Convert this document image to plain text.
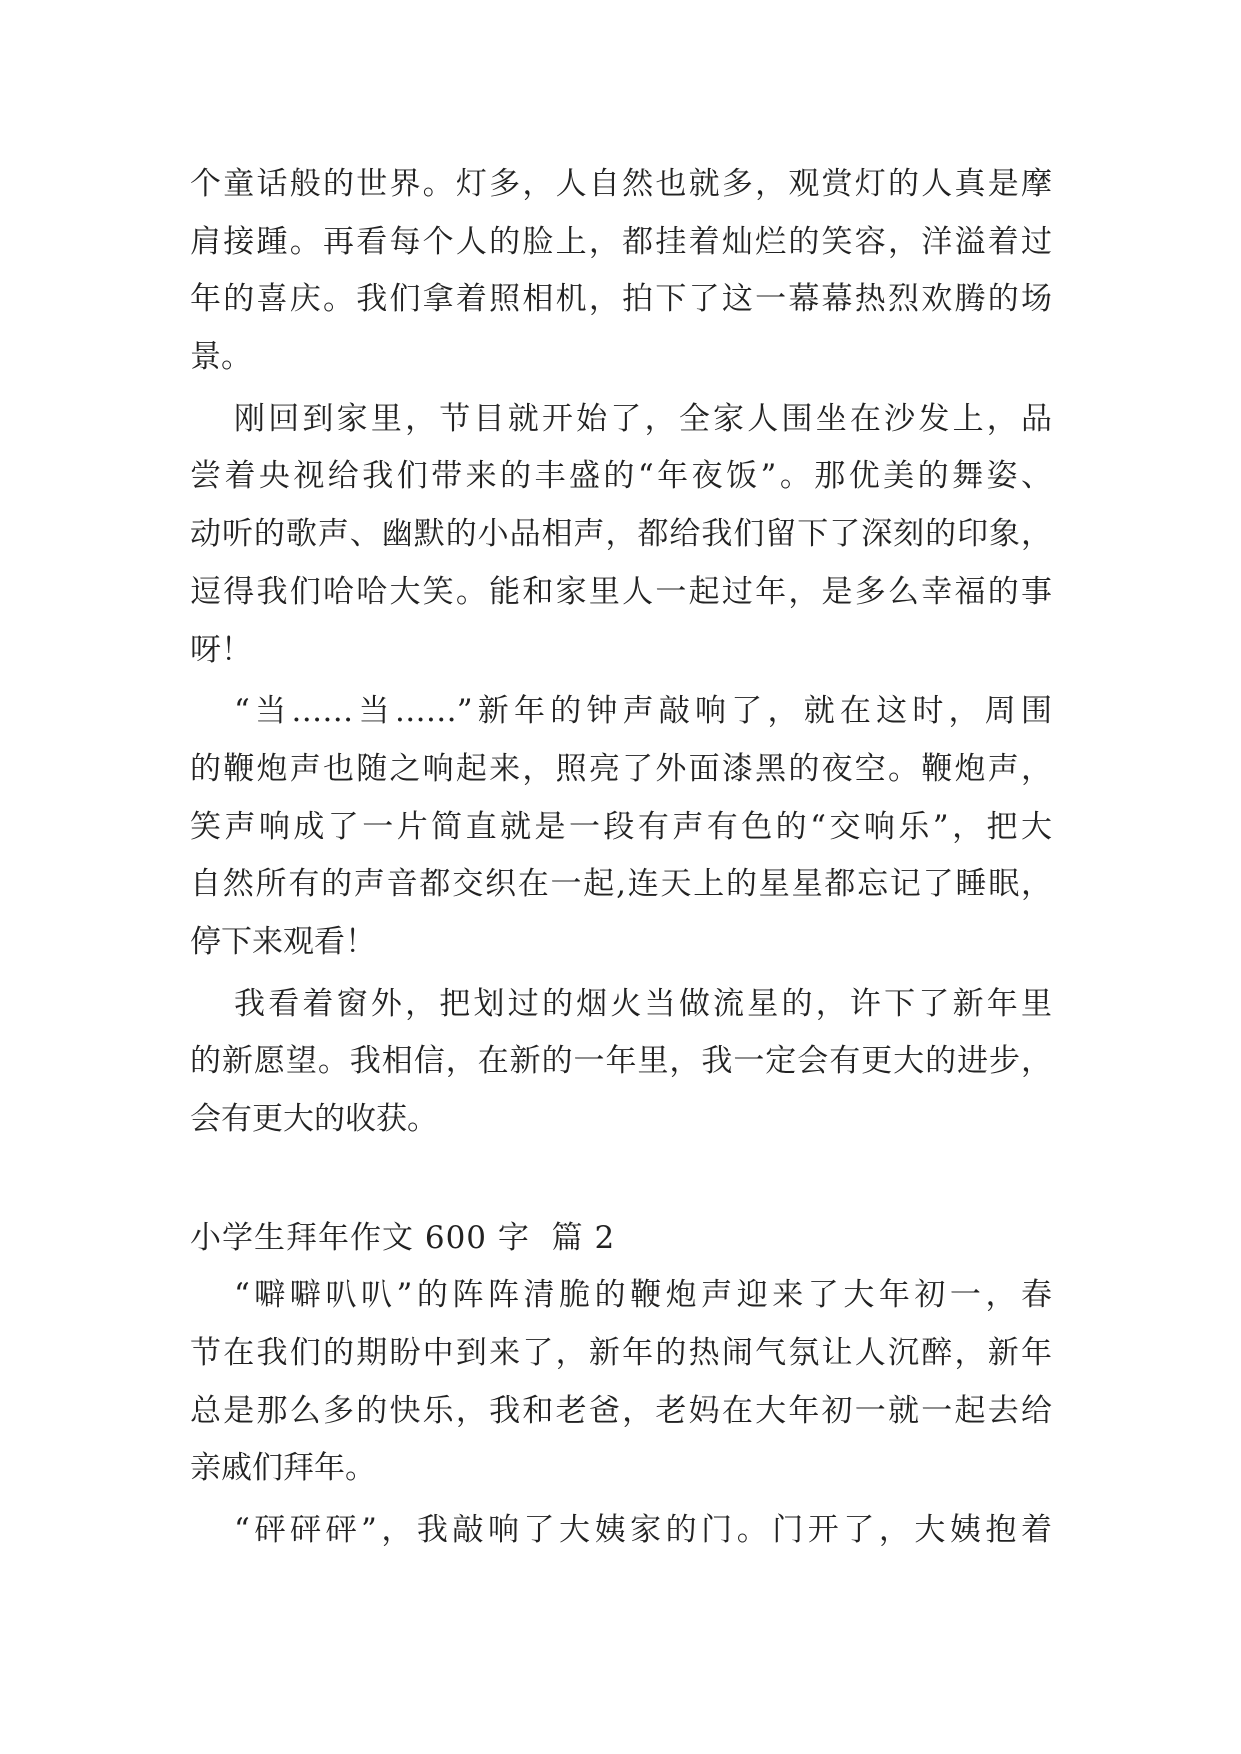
个童话般的世界。灯多，人自然也就多，观赏灯的人真是摩
肩接踵。再看每个人的脸上，都挂着灿烂的笑容，洋溢着过
年的喜庆。我们拿着照相机，拍下了这一幕幕热烈欢腾的场
景。
刚回到家里，节目就开始了，全家人围坐在沙发上，品
尝着央视给我们带来的丰盛的“年夜饭”。那优美的舞姿、
动听的歌声、幽默的小品相声，都给我们留下了深刻的印象，
逗得我们哈哈大笑。能和家里人一起过年，是多么幸福的事
呀！
“当……当……”新年的钟声敲响了，就在这时，周围
的鞭炮声也随之响起来，照亮了外面漆黑的夜空。鞭炮声，
笑声响成了一片简直就是一段有声有色的“交响乐”，把大
自然所有的声音都交织在一起,连天上的星星都忘记了睡眠，
停下来观看！
我看着窗外，把划过的烟火当做流星的，许下了新年里
的新愿望。我相信，在新的一年里，我一定会有更大的进步，
会有更大的收获。
小学生拜年作文 600 字  篇 2
“噼噼叭叭”的阵阵清脆的鞭炮声迎来了大年初一，春
节在我们的期盼中到来了，新年的热闹气氛让人沉醉，新年
总是那么多的快乐，我和老爸，老妈在大年初一就一起去给
亲戚们拜年。
“砰砰砰”，我敲响了大姨家的门。门开了，大姨抱着
